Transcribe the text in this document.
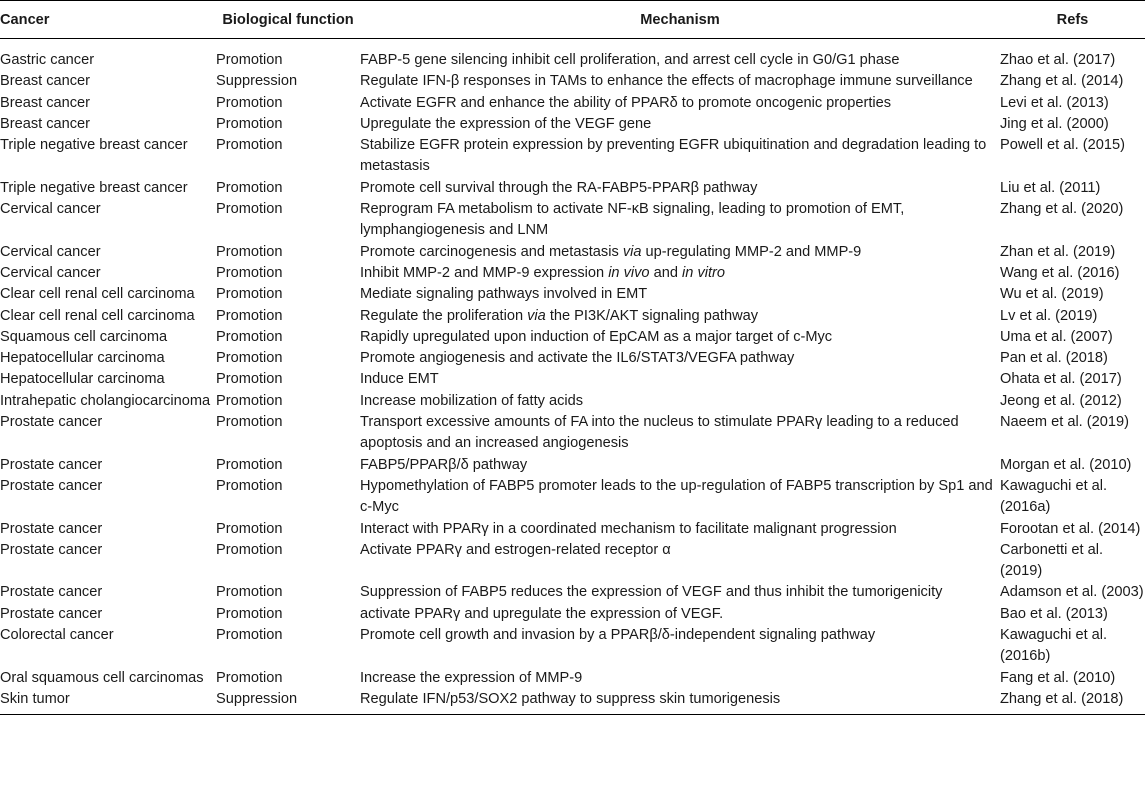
Cancer	Biological function	Mechanism	Refs
Gastric cancer	Promotion	FABP-5 gene silencing inhibit cell proliferation, and arrest cell cycle in G0/G1 phase	Zhao et al. (2017)
Breast cancer	Suppression	Regulate IFN-β responses in TAMs to enhance the effects of macrophage immune surveillance	Zhang et al. (2014)
Breast cancer	Promotion	Activate EGFR and enhance the ability of PPARδ to promote oncogenic properties	Levi et al. (2013)
Breast cancer	Promotion	Upregulate the expression of the VEGF gene	Jing et al. (2000)
Triple negative breast cancer	Promotion	Stabilize EGFR protein expression by preventing EGFR ubiquitination and degradation leading to metastasis	Powell et al. (2015)
Triple negative breast cancer	Promotion	Promote cell survival through the RA-FABP5-PPARβ pathway	Liu et al. (2011)
Cervical cancer	Promotion	Reprogram FA metabolism to activate NF-κB signaling, leading to promotion of EMT, lymphangiogenesis and LNM	Zhang et al. (2020)
Cervical cancer	Promotion	Promote carcinogenesis and metastasis via up-regulating MMP-2 and MMP-9	Zhan et al. (2019)
Cervical cancer	Promotion	Inhibit MMP-2 and MMP-9 expression in vivo and in vitro	Wang et al. (2016)
Clear cell renal cell carcinoma	Promotion	Mediate signaling pathways involved in EMT	Wu et al. (2019)
Clear cell renal cell carcinoma	Promotion	Regulate the proliferation via the PI3K/AKT signaling pathway	Lv et al. (2019)
Squamous cell carcinoma	Promotion	Rapidly upregulated upon induction of EpCAM as a major target of c-Myc	Uma et al. (2007)
Hepatocellular carcinoma	Promotion	Promote angiogenesis and activate the IL6/STAT3/VEGFA pathway	Pan et al. (2018)
Hepatocellular carcinoma	Promotion	Induce EMT	Ohata et al. (2017)
Intrahepatic cholangiocarcinoma	Promotion	Increase mobilization of fatty acids	Jeong et al. (2012)
Prostate cancer	Promotion	Transport excessive amounts of FA into the nucleus to stimulate PPARγ leading to a reduced apoptosis and an increased angiogenesis	Naeem et al. (2019)
Prostate cancer	Promotion	FABP5/PPARβ/δ pathway	Morgan et al. (2010)
Prostate cancer	Promotion	Hypomethylation of FABP5 promoter leads to the up-regulation of FABP5 transcription by Sp1 and c-Myc	Kawaguchi et al. (2016a)
Prostate cancer	Promotion	Interact with PPARγ in a coordinated mechanism to facilitate malignant progression	Forootan et al. (2014)
Prostate cancer	Promotion	Activate PPARγ and estrogen-related receptor α	Carbonetti et al. (2019)
Prostate cancer	Promotion	Suppression of FABP5 reduces the expression of VEGF and thus inhibit the tumorigenicity	Adamson et al. (2003)
Prostate cancer	Promotion	activate PPARγ and upregulate the expression of VEGF.	Bao et al. (2013)
Colorectal cancer	Promotion	Promote cell growth and invasion by a PPARβ/δ-independent signaling pathway	Kawaguchi et al. (2016b)
Oral squamous cell carcinomas	Promotion	Increase the expression of MMP-9	Fang et al. (2010)
Skin tumor	Suppression	Regulate IFN/p53/SOX2 pathway to suppress skin tumorigenesis	Zhang et al. (2018)
